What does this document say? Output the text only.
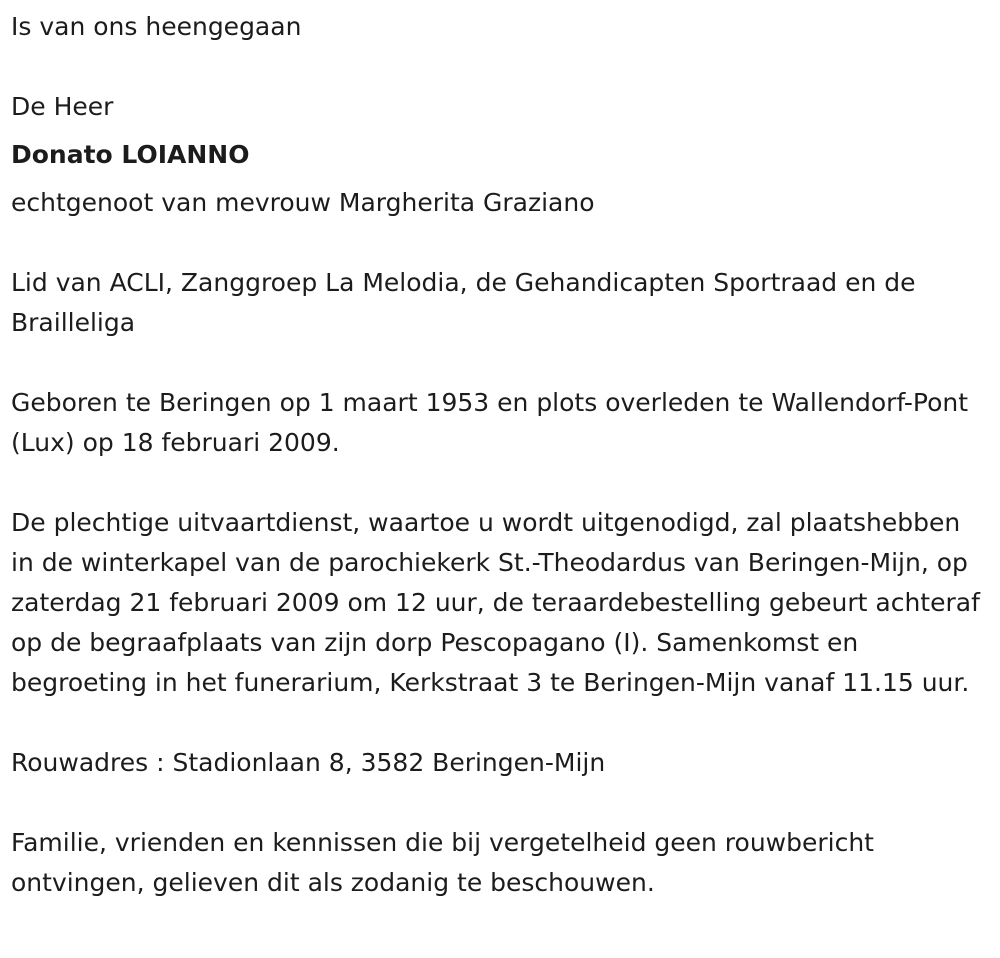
Is van ons heengegaan

De Heer

Donato LOIANNO

echtgenoot van mevrouw Margherita Graziano

Lid van ACLI, Zanggroep La Melodia, de Gehandicapten Sportraad en de Brailleliga

Geboren te Beringen op 1 maart 1953 en plots overleden te Wallendorf-Pont (Lux) op 18 februari 2009.

De plechtige uitvaartdienst, waartoe u wordt uitgenodigd, zal plaatshebben in de winterkapel van de parochiekerk St.-Theodardus van Beringen-Mijn, op zaterdag 21 februari 2009 om 12 uur, de teraardebestelling gebeurt achteraf op de begraafplaats van zijn dorp Pescopagano (I). Samenkomst en begroeting in het funerarium, Kerkstraat 3 te Beringen-Mijn vanaf 11.15 uur.

Rouwadres : Stadionlaan 8, 3582 Beringen-Mijn

Familie, vrienden en kennissen die bij vergetelheid geen rouwbericht ontvingen, gelieven dit als zodanig te beschouwen.
